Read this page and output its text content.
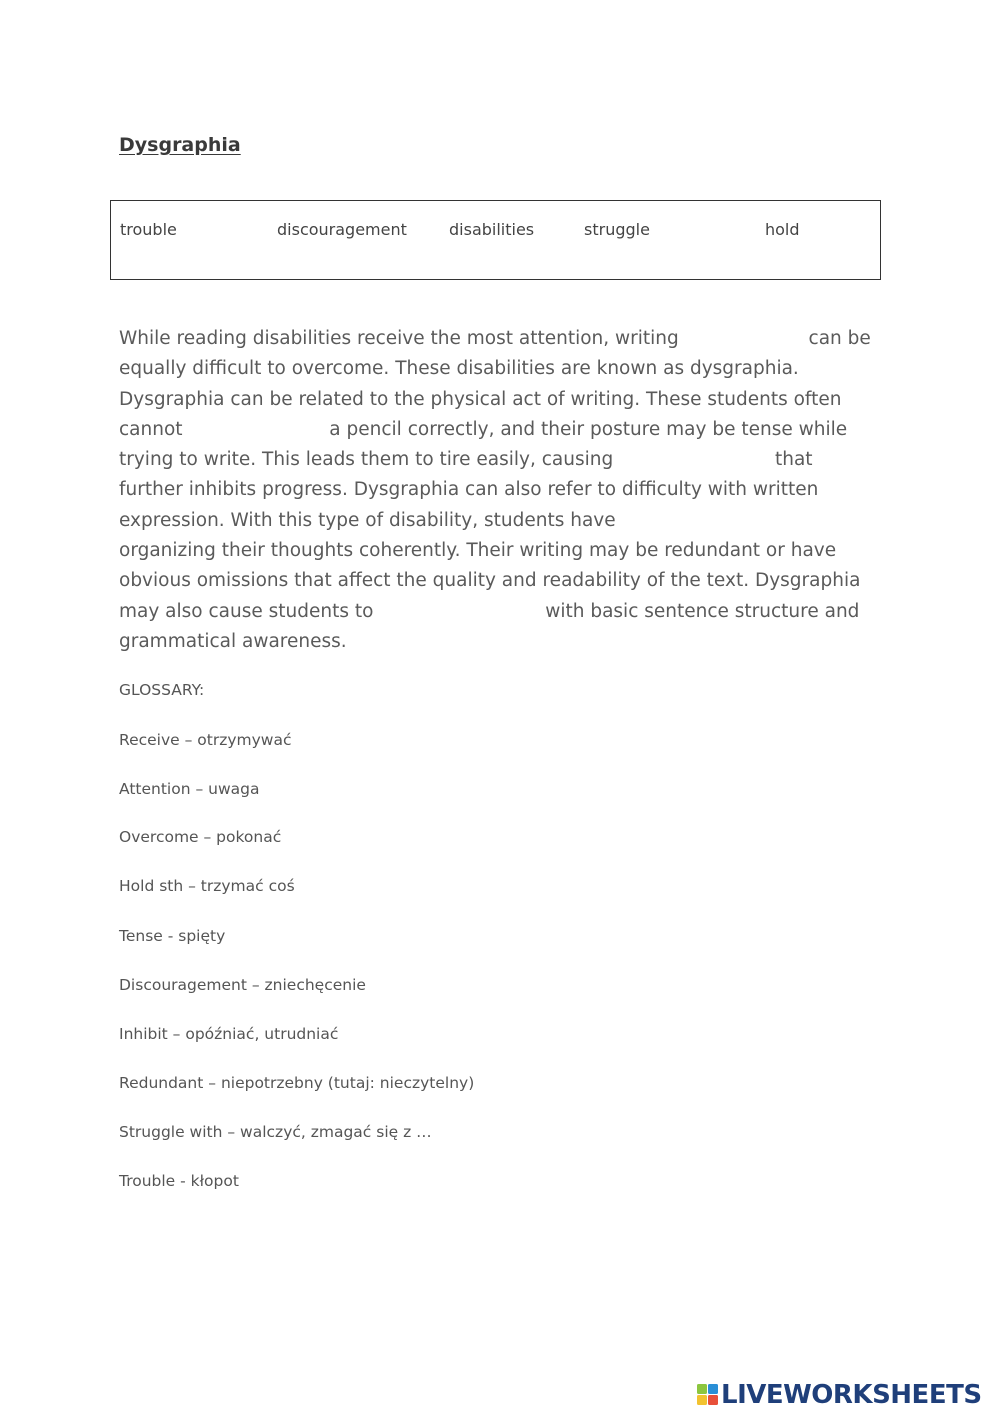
Dysgraphia
trouble	discouragement	disabilities	struggle	hold
While reading disabilities receive the most attention, writing	can be
equally difficult to overcome. These disabilities are known as dysgraphia.
Dysgraphia can be related to the physical act of writing. These students often
cannot	a pencil correctly, and their posture may be tense while
trying to write. This leads them to tire easily, causing	that
further inhibits progress. Dysgraphia can also refer to difficulty with written
expression. With this type of disability, students have
organizing their thoughts coherently. Their writing may be redundant or have
obvious omissions that affect the quality and readability of the text. Dysgraphia
may also cause students to	with basic sentence structure and
grammatical awareness.
GLOSSARY:
Receive – otrzymywać
Attention – uwaga
Overcome – pokonać
Hold sth – trzymać coś
Tense - spięty
Discouragement – zniechęcenie
Inhibit – opóźniać, utrudniać
Redundant – niepotrzebny (tutaj: nieczytelny)
Struggle with – walczyć, zmagać się z …
Trouble - kłopot
LIVEWORKSHEETS
